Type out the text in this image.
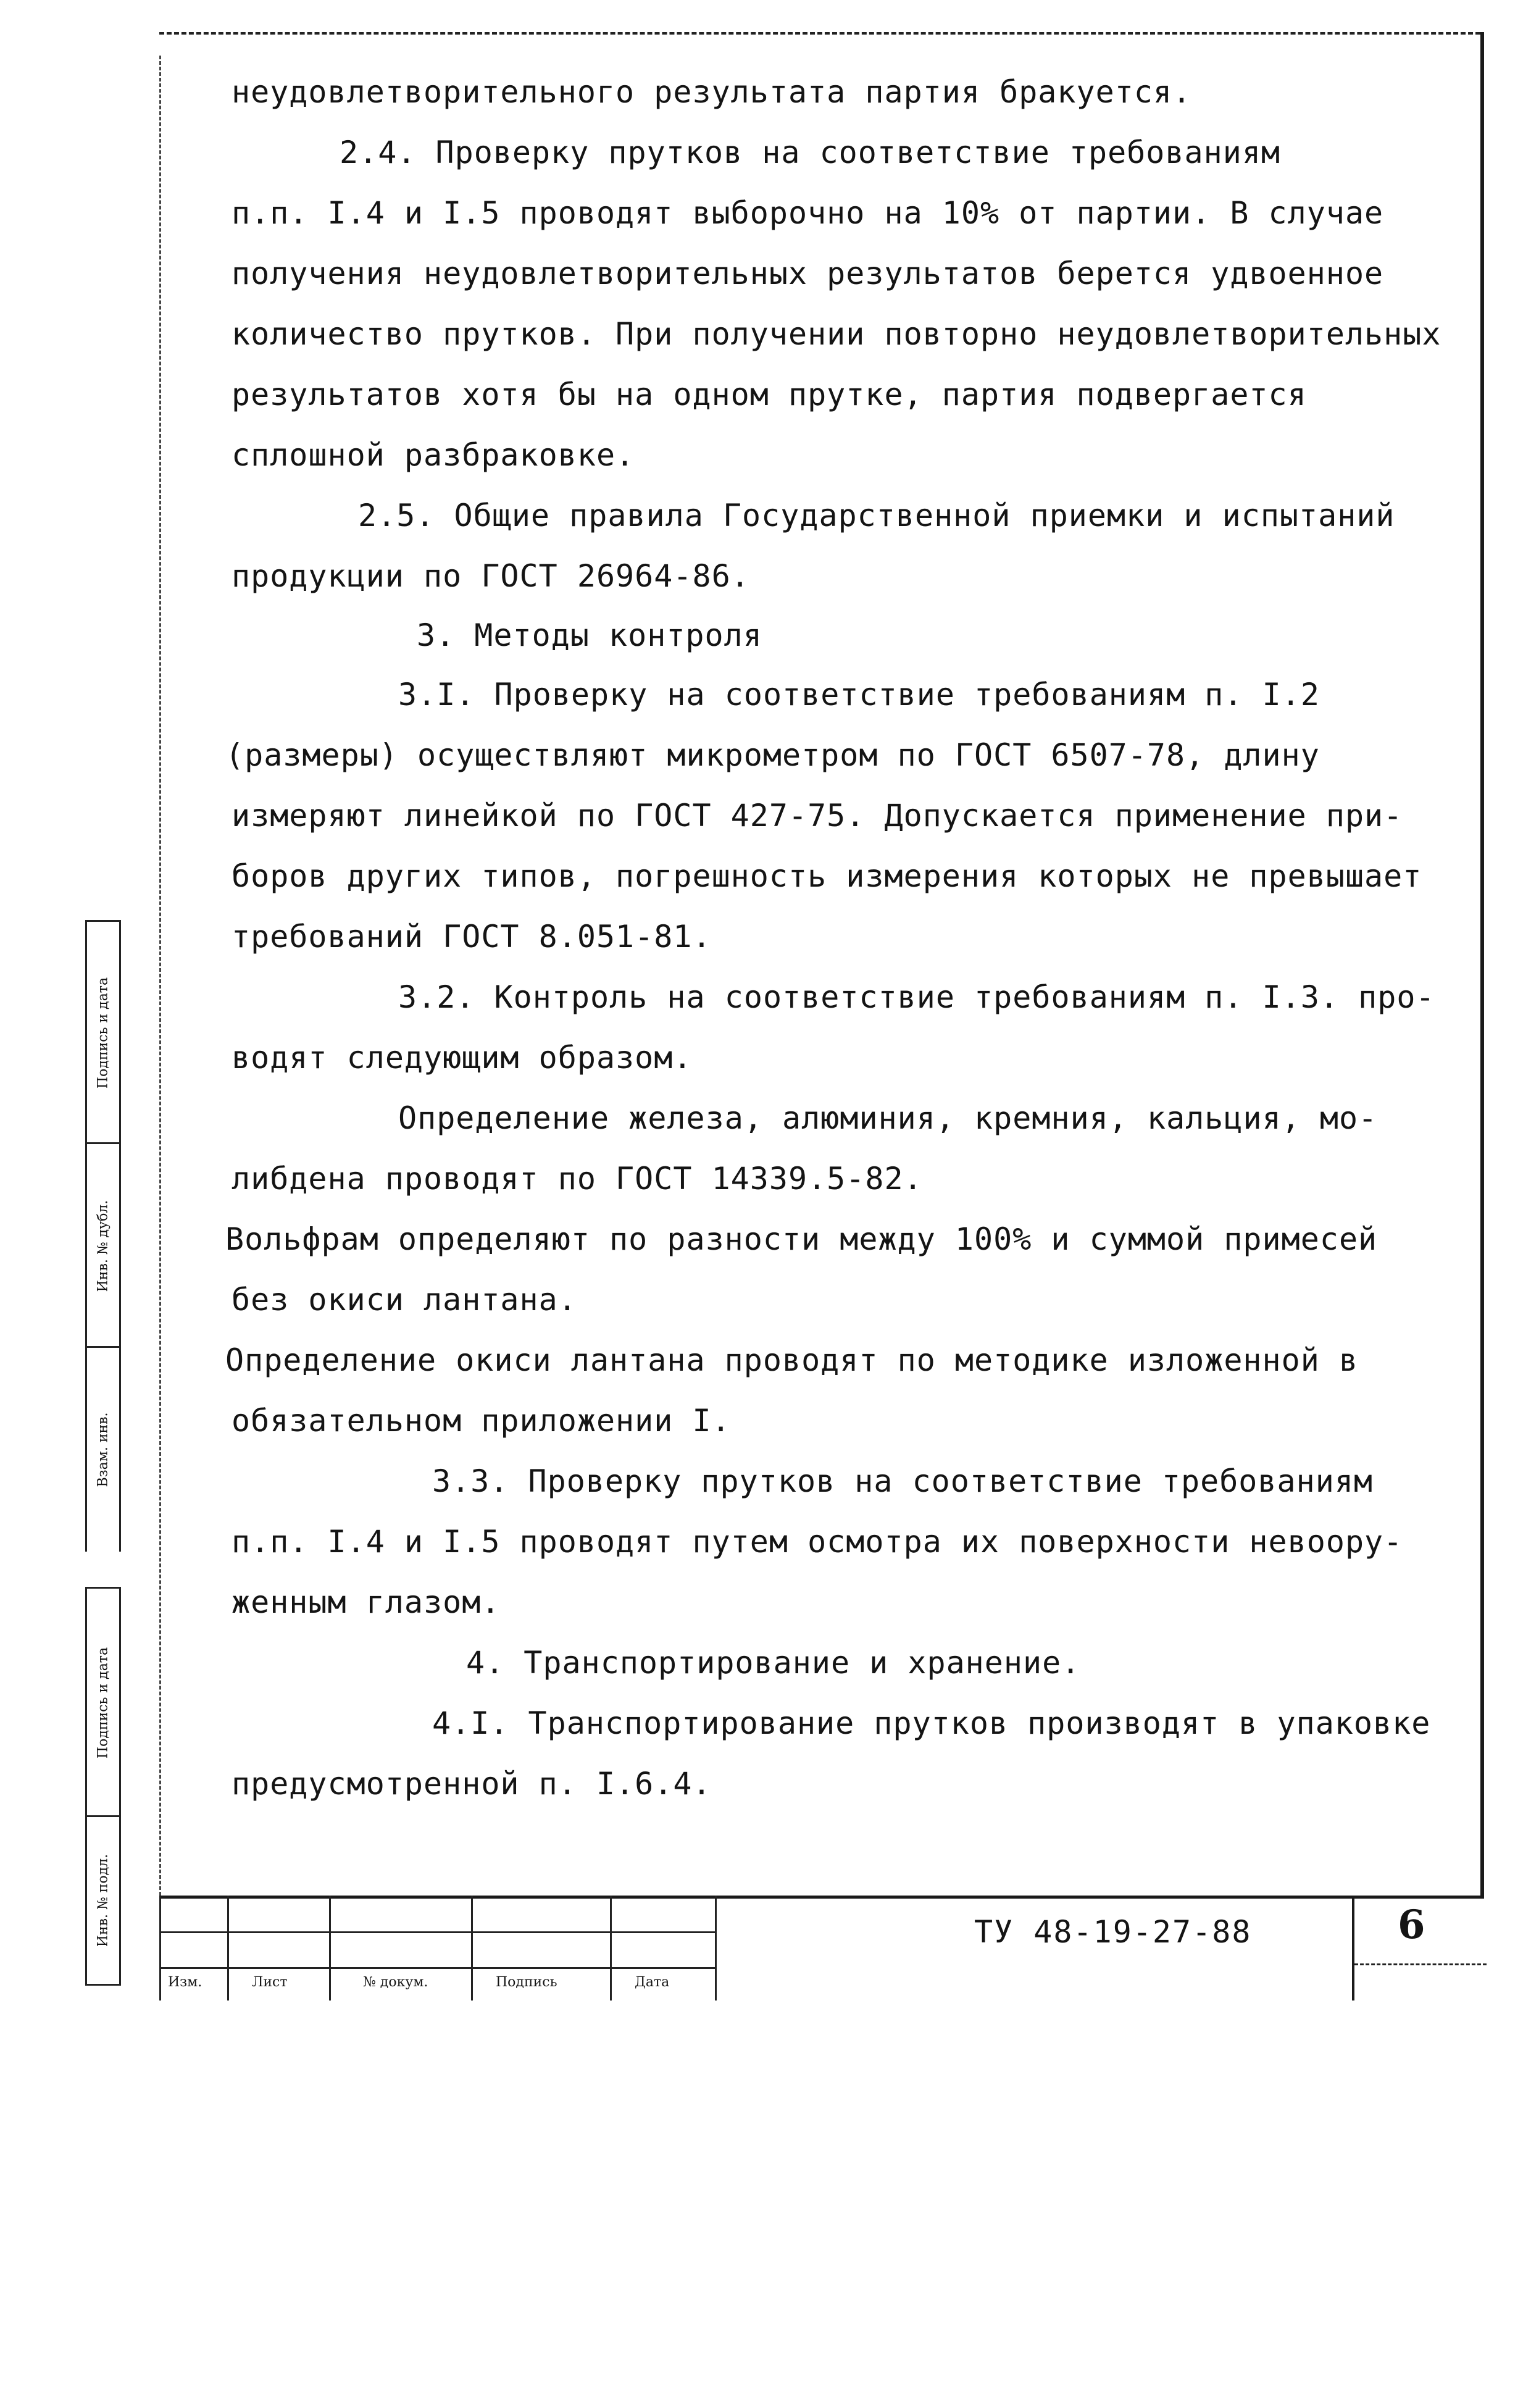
неудовлетворительного результата партия бракуется.
2.4. Проверку прутков на соответствие требованиям
п.п. I.4 и I.5 проводят выборочно на 10% от партии. В случае
получения неудовлетворительных результатов берется удвоенное
количество прутков. При получении повторно неудовлетворительных
результатов хотя бы на одном прутке, партия подвергается
сплошной разбраковке.
2.5. Общие правила Государственной приемки и испытаний
продукции по ГОСТ 26964-86.
3. Методы контроля
3.I. Проверку на соответствие требованиям п. I.2
(размеры) осуществляют микрометром по ГОСТ 6507-78, длину
измеряют линейкой по ГОСТ 427-75. Допускается применение при-
боров других типов, погрешность измерения которых не превышает
требований ГОСТ 8.051-81.
3.2. Контроль на соответствие требованиям п. I.3. про-
водят следующим образом.
Определение железа, алюминия, кремния, кальция, мо-
либдена проводят по ГОСТ 14339.5-82.
Вольфрам определяют по разности между 100% и суммой примесей
без окиси лантана.
Определение окиси лантана проводят по методике изложенной в
обязательном приложении I.
3.3. Проверку прутков на соответствие требованиям
п.п. I.4 и I.5 проводят путем осмотра их поверхности невоору-
женным глазом.
4. Транспортирование и хранение.
4.I. Транспортирование прутков производят в упаковке
предусмотренной п. I.6.4.
Подпись и дата
Инв. № дубл.
Взам. инв.
Подпись и дата
Инв. № подл.
Изм.	Лист	№ докум.	Подпись	Дата
ТУ 48-19-27-88	6
